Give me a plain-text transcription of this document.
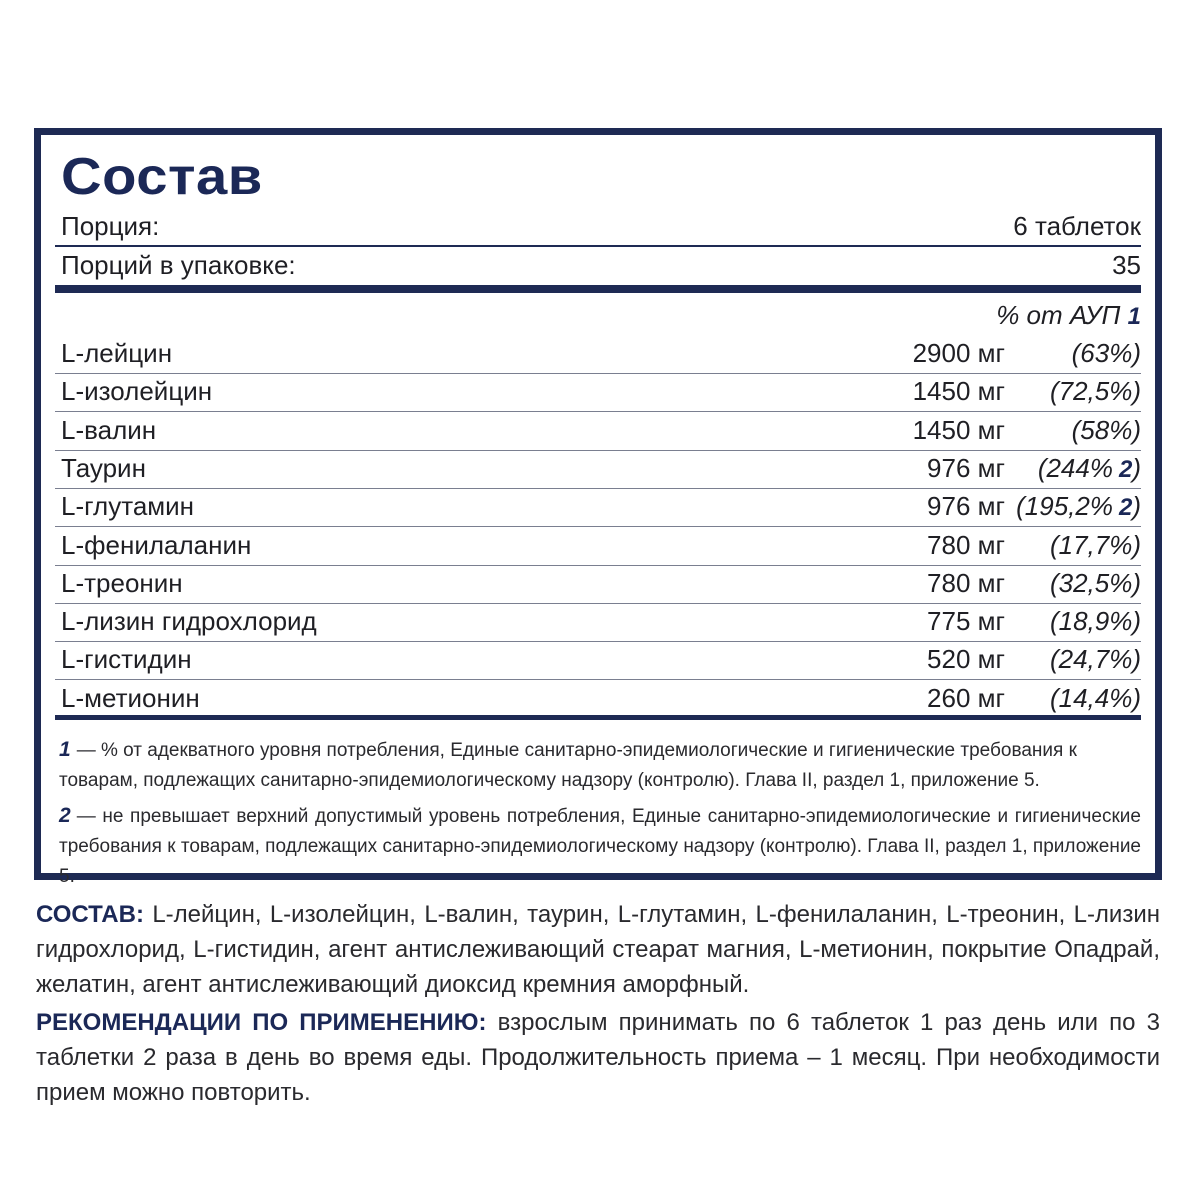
Состав
Порция:	6 таблеток
Порций в упаковке:	35
% от АУП 1
L-лейцин	2900 мг	(63%)
L-изолейцин	1450 мг (72,5%)
L-валин	1450 мг	(58%)
Таурин	976 мг (244% 2)
L-глутамин	976 мг (195,2% 2)
L-фенилаланин	780 мг (17,7%)
L-треонин	780 мг (32,5%)
L-лизин гидрохлорид	775 мг (18,9%)
L-гистидин	520 мг (24,7%)
L-метионин	260 мг (14,4%)
1 — % от адекватного уровня потребления, Единые санитарно-эпидемиологические и гигиенические требования к товарам, подлежащих санитарно-эпидемиологическому надзору (контролю). Глава II, раздел 1, приложение 5.
2 — не превышает верхний допустимый уровень потребления, Единые санитарно-эпидемиологические и гигиенические требования к товарам, подлежащих санитарно-эпидемиологическому надзору (контролю). Глава II, раздел 1, приложение 5.
СОСТАВ: L-лейцин, L-изолейцин, L-валин, таурин, L-глутамин, L-фенилаланин, L-треонин, L-лизин гидрохлорид, L-гистидин, агент антислеживающий стеарат магния, L-метионин, покрытие Опадрай, желатин, агент антислеживающий диоксид кремния аморфный.
РЕКОМЕНДАЦИИ ПО ПРИМЕНЕНИЮ: взрослым принимать по 6 таблеток 1 раз день или по 3 таблетки 2 раза в день во время еды. Продолжительность приема – 1 месяц. При необходимости прием можно повторить.
